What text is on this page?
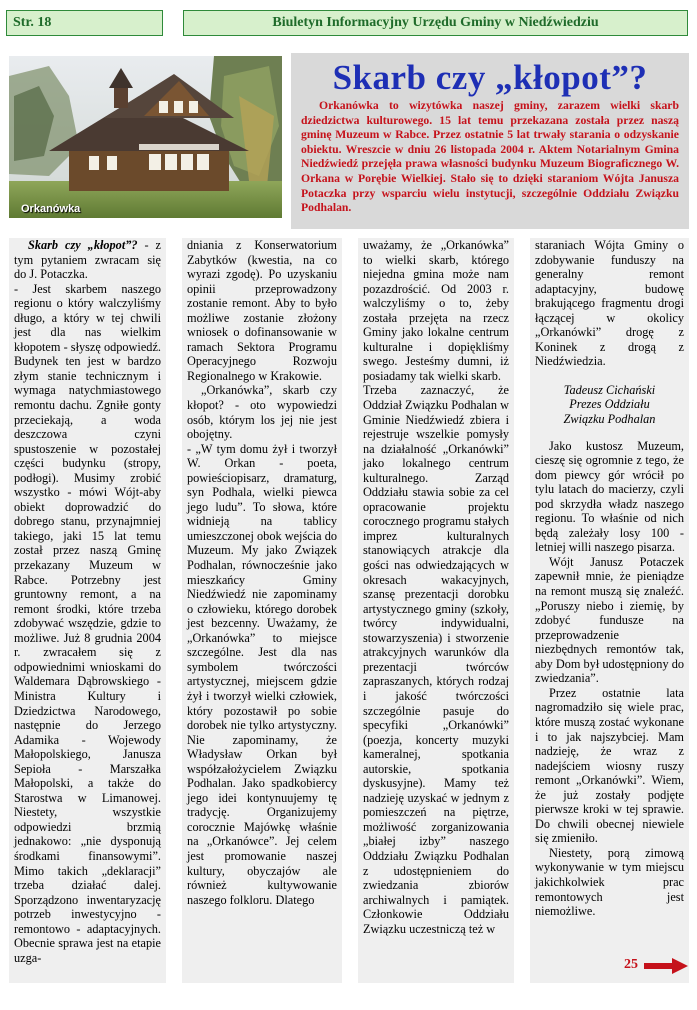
Str. 18	Biuletyn Informacyjny Urzędu Gminy w Niedźwiedziu
Orkanówka
Skarb czy „kłopot”?

Orkanówka to wizytówka naszej gminy, zarazem wielki skarb dziedzictwa kulturowego. 15 lat temu przekazana została przez naszą gminę Muzeum w Rabce. Przez ostatnie 5 lat trwały starania o odzyskanie obiektu. Wreszcie w dniu 26 listopada 2004 r. Aktem Notarialnym Gmina Niedźwiedź przejęła prawa własności budynku Muzeum Biograficznego W. Orkana w Porębie Wielkiej. Stało się to dzięki staraniom Wójta Janusza Potaczka przy wsparciu wielu instytucji, szczególnie Oddziału Związku Podhalan.

Skarb czy „kłopot”? - z tym pytaniem zwracam się do J. Potaczka.

- Jest skarbem naszego regionu o który walczyliśmy długo, a który w tej chwili jest dla nas wielkim kłopotem - słyszę odpowiedź. Budynek ten jest w bardzo złym stanie technicznym i wymaga natychmiastowego remontu dachu. Zgniłe gonty przeciekają, a woda deszczowa czyni spustoszenie w pozostałej części budynku (stropy, podłogi). Musimy zrobić wszystko - mówi Wójt-aby obiekt doprowadzić do dobrego stanu, przynajmniej takiego, jaki 15 lat temu został przez naszą Gminę przekazany Muzeum w Rabce. Potrzebny jest gruntowny remont, a na remont środki, które trzeba zdobywać wszędzie, gdzie to możliwe. Już 8 grudnia 2004 r. zwracałem się z odpowiednimi wnioskami do Waldemara Dąbrowskiego - Ministra Kultury i Dziedzictwa Narodowego, następnie do Jerzego Adamika - Wojewody Małopolskiego, Janusza Sepioła - Marszałka Małopolski, a także do Starostwa w Limanowej. Niestety, wszystkie odpowiedzi brzmią jednakowo: „nie dysponują środkami finansowymi”. Mimo takich „deklaracji” trzeba działać dalej. Sporządzono inwentaryzację potrzeb inwestycyjno - remontowo - adaptacyjnych. Obecnie sprawa jest na etapie uzga-

dniania z Konserwatorium Zabytków (kwestia, na co wyrazi zgodę). Po uzyskaniu opinii przeprowadzony zostanie remont. Aby to było możliwe zostanie złożony wniosek o dofinansowanie w ramach Sektora Programu Operacyjnego Rozwoju Regionalnego w Krakowie.

„Orkanówka”, skarb czy kłopot? - oto wypowiedzi osób, którym los jej nie jest obojętny.

- „W tym domu żył i tworzył W. Orkan - poeta, powieściopisarz, dramaturg, syn Podhala, wielki piewca jego ludu”. To słowa, które widnieją na tablicy umieszczonej obok wejścia do Muzeum. My jako Związek Podhalan, równocześnie jako mieszkańcy Gminy Niedźwiedź nie zapominamy o człowieku, którego dorobek jest bezcenny. Uważamy, że „Orkanówka” to miejsce szczególne. Jest dla nas symbolem twórczości artystycznej, miejscem gdzie żył i tworzył wielki człowiek, który pozostawił po sobie dorobek nie tylko artystyczny. Nie zapominamy, że Władysław Orkan był współzałożycielem Związku Podhalan. Jako spadkobiercy jego idei kontynuujemy tę tradycję. Organizujemy corocznie Majówkę właśnie na „Orkanówce”. Jej celem jest promowanie naszej kultury, obyczajów ale również kultywowanie naszego folkloru. Dlatego

uważamy, że „Orkanówka” to wielki skarb, którego niejedna gmina może nam pozazdrościć. Od 2003 r. walczyliśmy o to, żeby została przejęta na rzecz Gminy jako lokalne centrum kulturalne i dopiękliśmy swego. Jesteśmy dumni, iż posiadamy tak wielki skarb.

Trzeba zaznaczyć, że Oddział Związku Podhalan w Gminie Niedźwiedź zbiera i rejestruje wszelkie pomysły na działalność „Orkanówki” jako lokalnego centrum kulturalnego. Zarząd Oddziału stawia sobie za cel opracowanie projektu corocznego programu stałych imprez kulturalnych stanowiących atrakcje dla gości nas odwiedzających w okresach wakacyjnych, szansę prezentacji dorobku artystycznego gminy (szkoły, twórcy indywidualni, stowarzyszenia) i stworzenie atrakcyjnych warunków dla prezentacji twórców zapraszanych, których rodzaj i jakość twórczości szczególnie pasuje do specyfiki „Orkanówki” (poezja, koncerty muzyki kameralnej, spotkania autorskie, spotkania dyskusyjne). Mamy też nadzieję uzyskać w jednym z pomieszczeń na piętrze, możliwość zorganizowania „białej izby” naszego Oddziału Związku Podhalan z udostępnieniem do zwiedzania zbiorów archiwalnych i pamiątek. Członkowie Oddziału Związku uczestniczą też w

staraniach Wójta Gminy o zdobywanie funduszy na generalny remont adaptacyjny, budowę brakującego fragmentu drogi łączącej w okolicy „Orkanówki” drogę z Koninek z drogą z Niedźwiedzia.

Tadeusz Cichański

Prezes Oddziału

Związku Podhalan

Jako kustosz Muzeum, cieszę się ogromnie z tego, że dom piewcy gór wrócił po tylu latach do macierzy, czyli pod skrzydła władz naszego regionu. To właśnie od nich będą zależały losy 100 - letniej willi naszego pisarza.

Wójt Janusz Potaczek zapewnił mnie, że pieniądze na remont muszą się znaleźć. „Poruszy niebo i ziemię, by zdobyć fundusze na przeprowadzenie niezbędnych remontów tak, aby Dom był udostępniony do zwiedzania”.

Przez ostatnie lata nagromadziło się wiele prac, które muszą zostać wykonane i to jak najszybciej. Mam nadzieję, że wraz z nadejściem wiosny ruszy remont „Orkanówki”. Wiem, że już zostały podjęte pierwsze kroki w tej sprawie. Do chwili obecnej niewiele się zmieniło.

Niestety, porą zimową wykonywanie w tym miejscu jakichkolwiek prac remontowych jest niemożliwe.

25
